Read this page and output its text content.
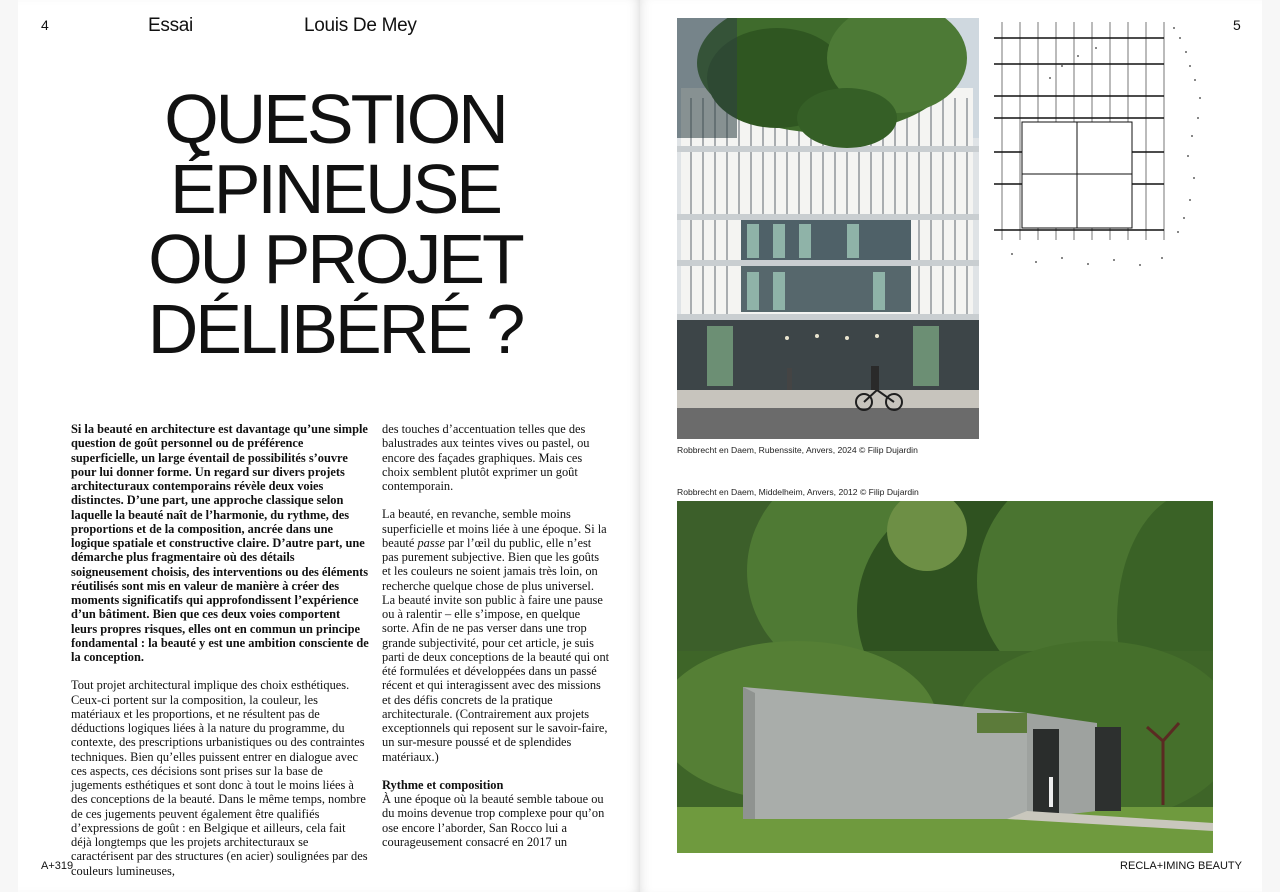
4	Essai	Louis De Mey
QUESTION
ÉPINEUSE
OU PROJET
DÉLIBÉRÉ ?

Si la beauté en architecture est davantage qu’une simple question de goût personnel ou de préférence superficielle, un large éventail de possibilités s’ouvre pour lui donner forme. Un regard sur divers projets architecturaux contemporains révèle deux voies distinctes. D’une part, une approche classique selon laquelle la beauté naît de l’harmonie, du rythme, des proportions et de la composition, ancrée dans une logique spatiale et constructive claire. D’autre part, une démarche plus fragmentaire où des détails soigneusement choisis, des interventions ou des éléments réutilisés sont mis en valeur de manière à créer des moments significatifs qui approfondissent l’expérience d’un bâtiment. Bien que ces deux voies comportent leurs propres risques, elles ont en commun un principe fondamental : la beauté y est une ambition consciente de la conception.

Tout projet architectural implique des choix esthétiques. Ceux-ci portent sur la composition, la couleur, les matériaux et les proportions, et ne résultent pas de déductions logiques liées à la nature du programme, du contexte, des prescriptions urbanistiques ou des contraintes techniques. Bien qu’elles puissent entrer en dialogue avec ces aspects, ces décisions sont prises sur la base de jugements esthétiques et sont donc à tout le moins liées à des conceptions de la beauté. Dans le même temps, nombre de ces jugements peuvent également être qualifiés d’expressions de goût : en Belgique et ailleurs, cela fait déjà longtemps que les projets architecturaux se caractérisent par des structures (en acier) soulignées par des couleurs lumineuses,

des touches d’accentuation telles que des balustrades aux teintes vives ou pastel, ou encore des façades graphiques. Mais ces choix semblent plutôt exprimer un goût contemporain.

La beauté, en revanche, semble moins superficielle et moins liée à une époque. Si la beauté passe par l’œil du public, elle n’est pas purement subjective. Bien que les goûts et les couleurs ne soient jamais très loin, on recherche quelque chose de plus universel. La beauté invite son public à faire une pause ou à ralentir – elle s’impose, en quelque sorte. Afin de ne pas verser dans une trop grande subjectivité, pour cet article, je suis parti de deux conceptions de la beauté qui ont été formulées et développées dans un passé récent et qui interagissent avec des missions et des défis concrets de la pratique architecturale. (Contrairement aux projets exceptionnels qui reposent sur le savoir-faire, un sur-mesure poussé et de splendides matériaux.)

Rythme et composition
À une époque où la beauté semble taboue ou du moins devenue trop complexe pour qu’on ose encore l’aborder, San Rocco lui a courageusement consacré en 2017 un

A+319
5
Robbrecht en Daem, Rubenssite, Anvers, 2024 © Filip Dujardin
Robbrecht en Daem, Middelheim, Anvers, 2012 © Filip Dujardin
RECLA+IMING BEAUTY
